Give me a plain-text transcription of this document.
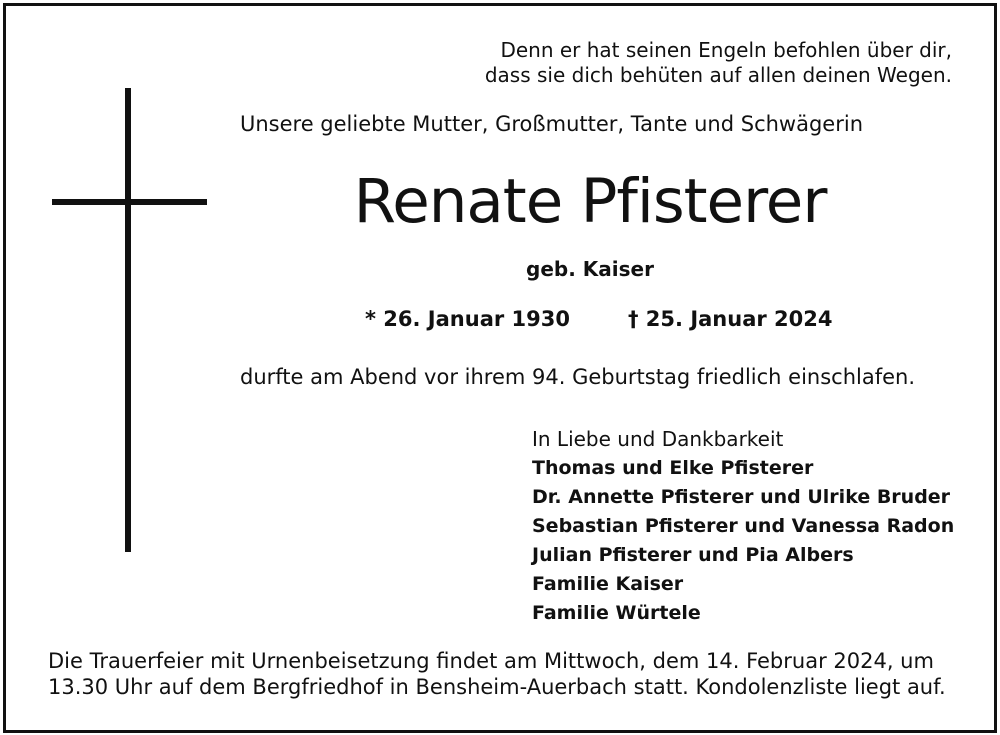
Denn er hat seinen Engeln befohlen über dir,
dass sie dich behüten auf allen deinen Wegen.
Unsere geliebte Mutter, Großmutter, Tante und Schwägerin
Renate Pfisterer
geb. Kaiser
* 26. Januar 1930	† 25. Januar 2024
durfte am Abend vor ihrem 94. Geburtstag friedlich einschlafen.
In Liebe und Dankbarkeit
Thomas und Elke Pfisterer
Dr. Annette Pfisterer und Ulrike Bruder
Sebastian Pfisterer und Vanessa Radon
Julian Pfisterer und Pia Albers
Familie Kaiser
Familie Würtele
Die Trauerfeier mit Urnenbeisetzung findet am Mittwoch, dem 14. Februar 2024, um
13.30 Uhr auf dem Bergfriedhof in Bensheim-Auerbach statt. Kondolenzliste liegt auf.
